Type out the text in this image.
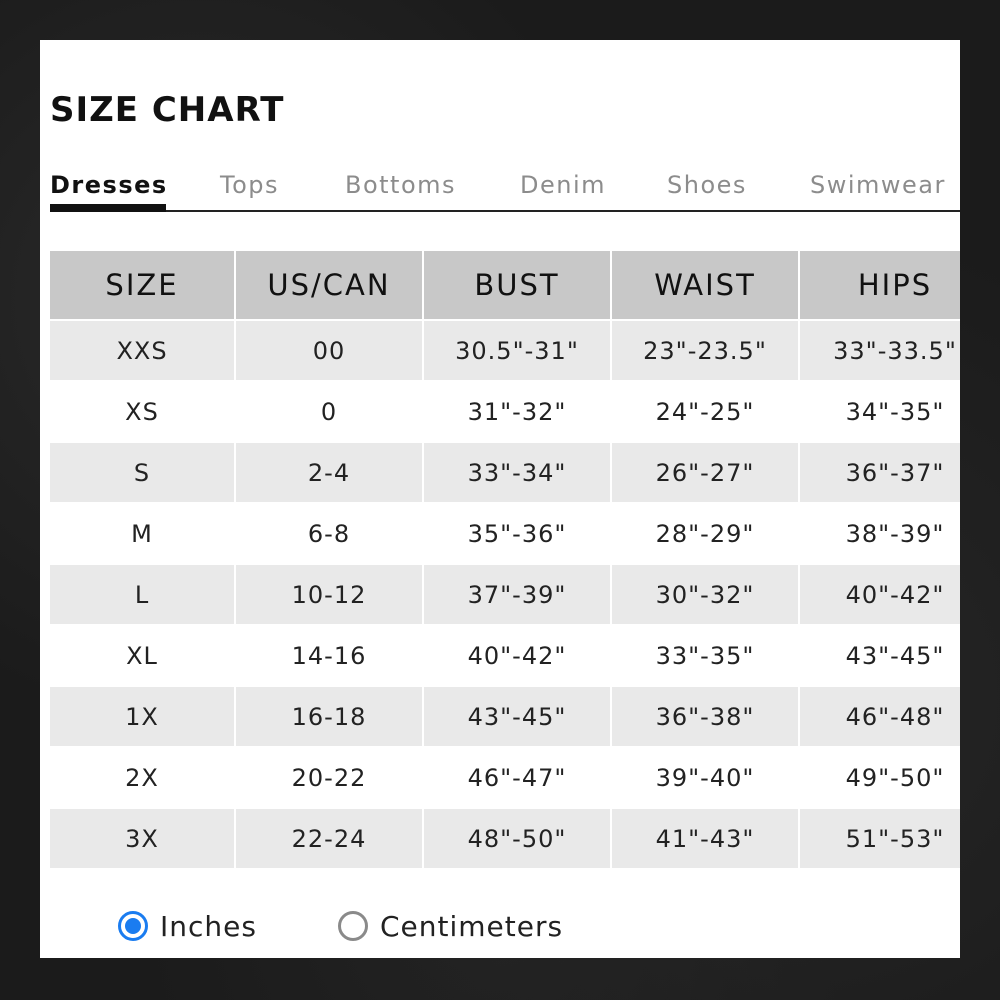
SIZE CHART
Dresses Tops	Bottoms	Denim	Shoes	Swimwear
SIZE	US/CAN	BUST	WAIST	HIPS
XXS	00	30.5"-31"	23"-23.5"	33"-33.5"
XS	0	31"-32"	24"-25"	34"-35"
S	2-4	33"-34"	26"-27"	36"-37"
M	6-8	35"-36"	28"-29"	38"-39"
L	10-12	37"-39"	30"-32"	40"-42"
XL	14-16	40"-42"	33"-35"	43"-45"
1X	16-18	43"-45"	36"-38"	46"-48"
2X	20-22	46"-47"	39"-40"	49"-50"
3X	22-24	48"-50"	41"-43"	51"-53"
Inches	Centimeters
